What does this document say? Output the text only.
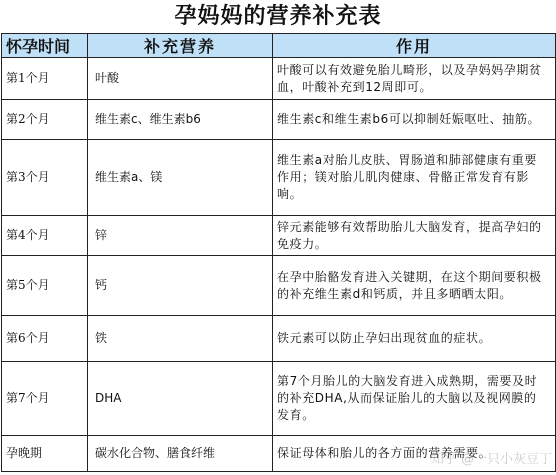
孕妈妈的营养补充表
怀孕时间	补充营养	作用
第1个月	叶酸	叶酸可以有效避免胎儿畸形，以及孕妈妈孕期贫血，叶酸补充到12周即可。

第2个月	维生素c、维生素b6	维生素c和维生素b6可以抑制妊娠呕吐、抽筋。

第3个月	维生素a、镁	维生素a对胎儿皮肤、胃肠道和肺部健康有重要作用；镁对胎儿肌肉健康、骨骼正常发育有影响。

第4个月	锌	锌元素能够有效帮助胎儿大脑发育，提高孕妇的免疫力。

第5个月	钙	在孕中胎骼发育进入关键期，在这个期间要积极的补充维生素d和钙质，并且多晒晒太阳。

第6个月	铁	铁元素可以防止孕妇出现贫血的症状。

第7个月	DHA	第7个月胎儿的大脑发育进入成熟期，需要及时的补充DHA,从而保证胎儿的大脑以及视网膜的发育。

孕晚期	碳水化合物、膳食纤维	保证母体和胎儿的各方面的营养需要。
知乎 @一只小灰豆丁
